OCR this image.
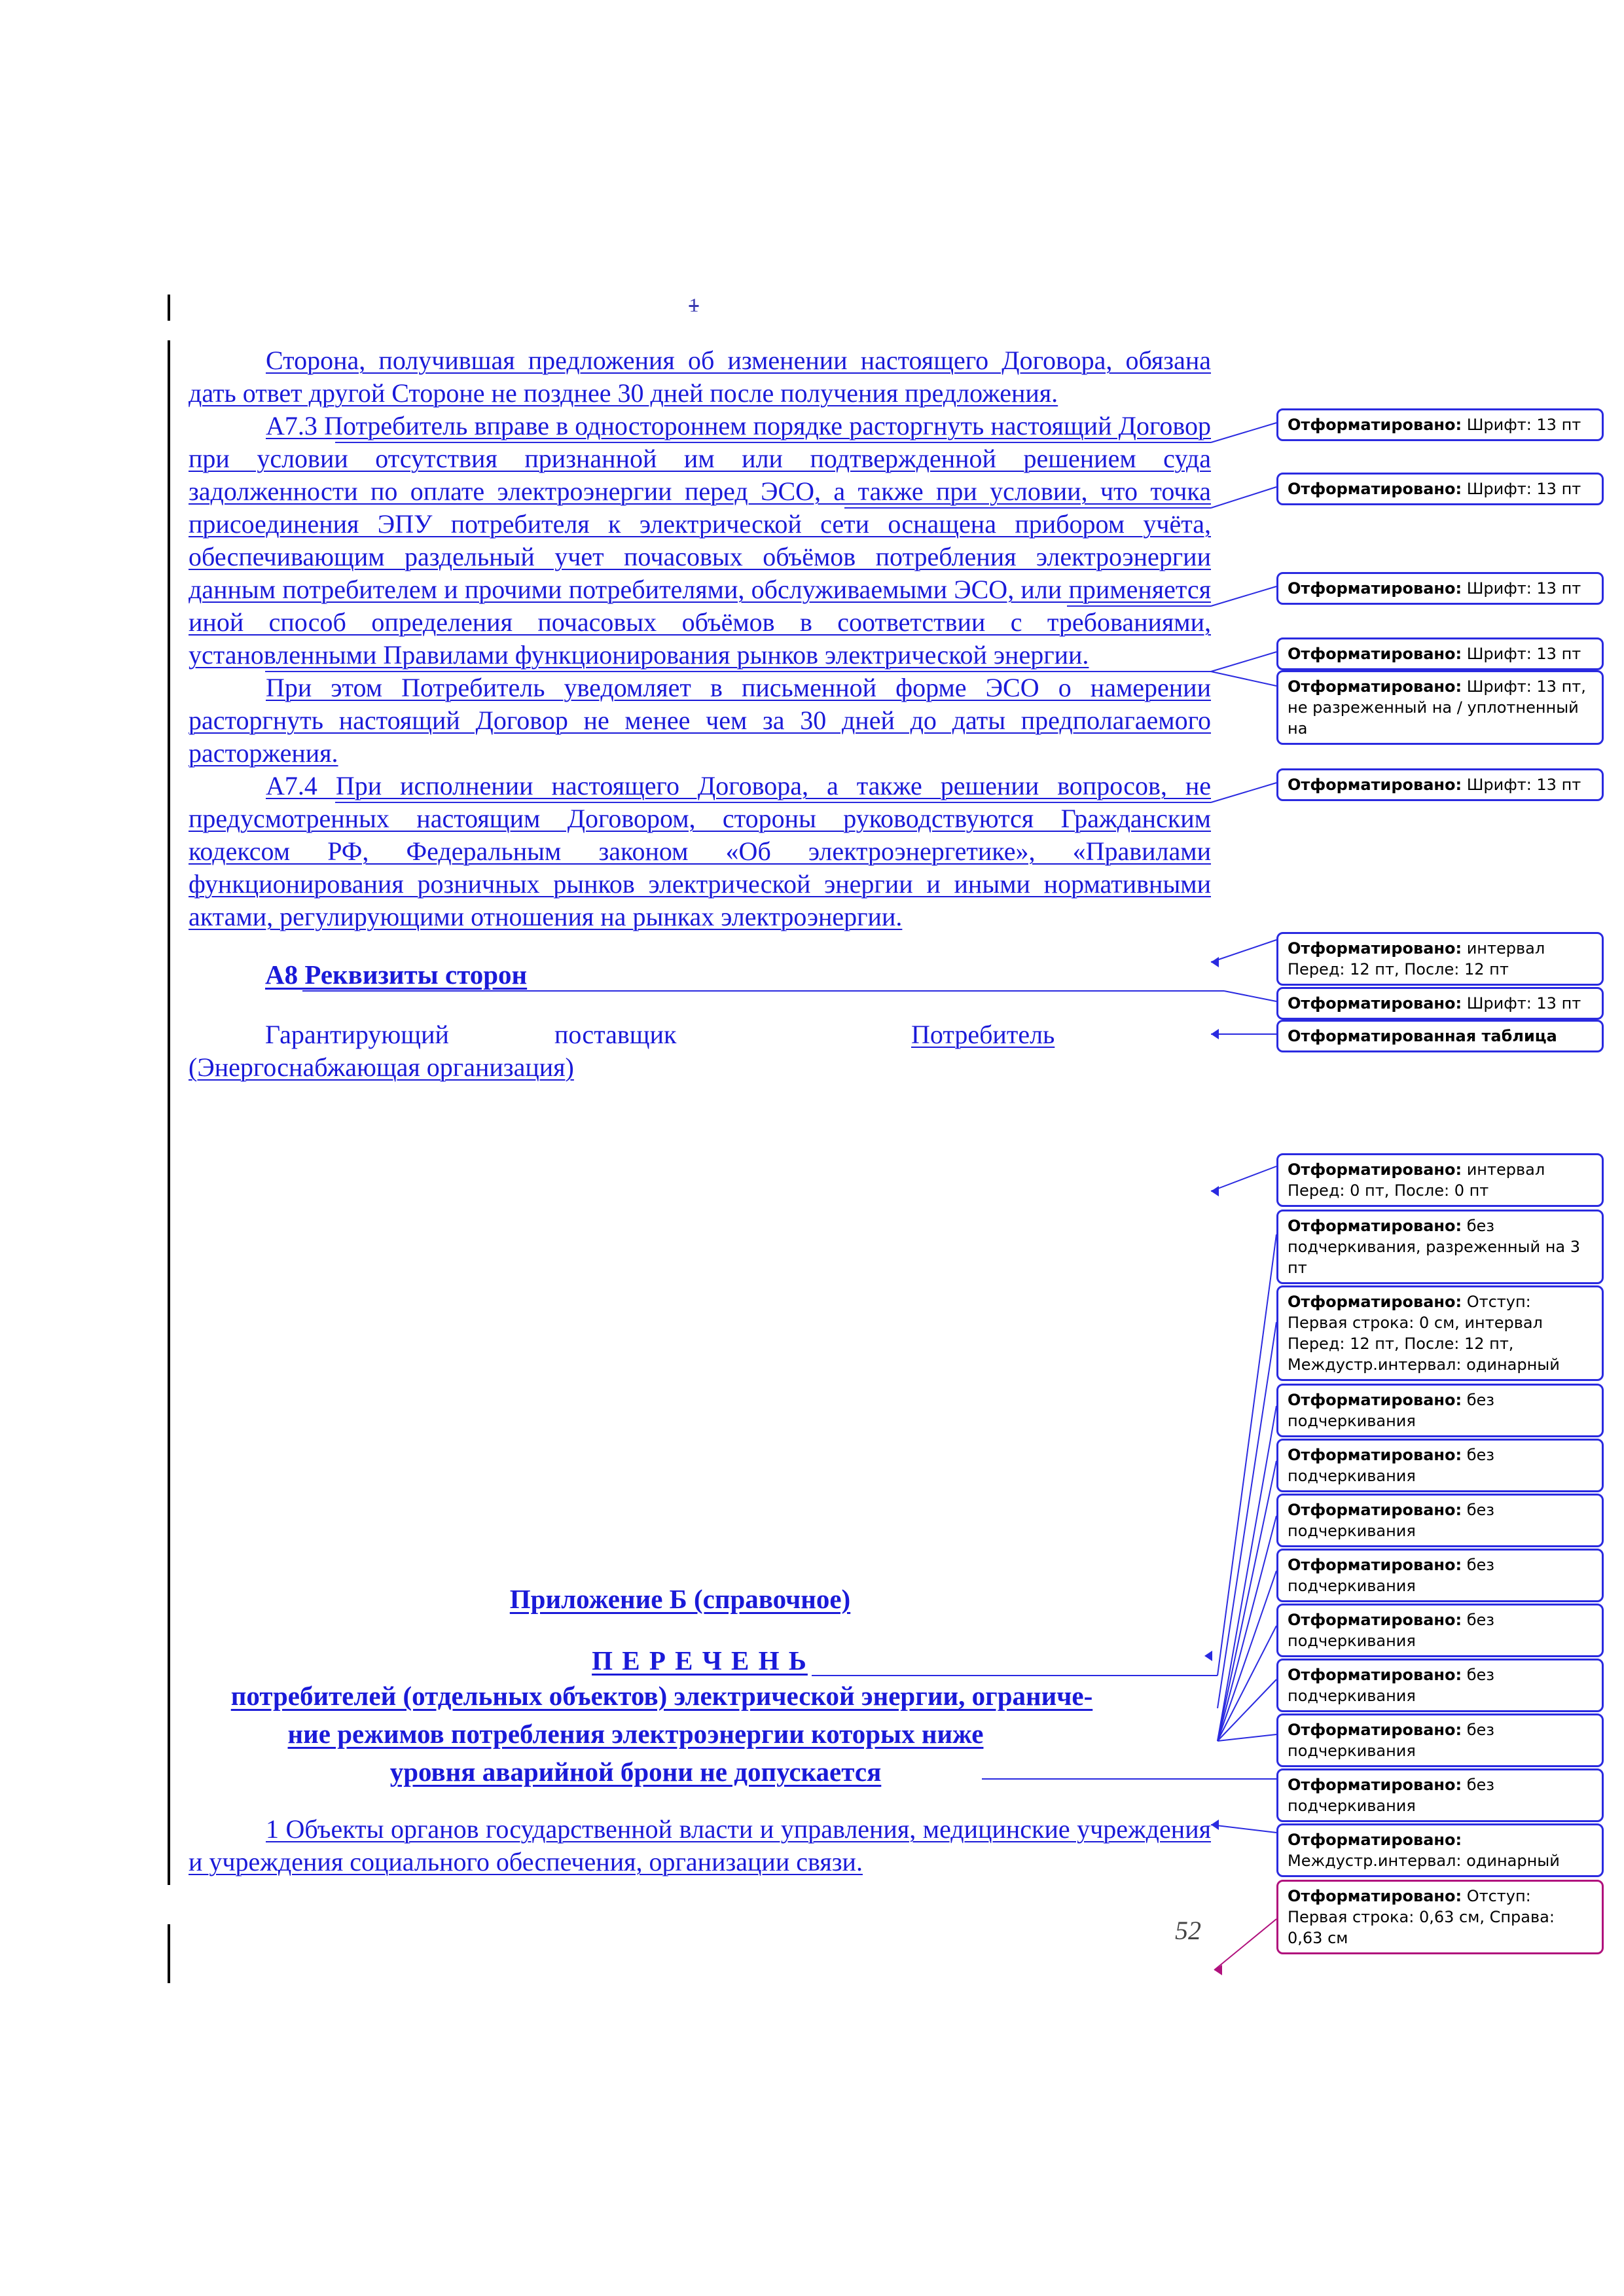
1
Сторона, получившая предложения об изменении настоящего Договора, обязана дать ответ другой Стороне не позднее 30 дней после получения предложения.
А7.3 Потребитель вправе в одностороннем порядке расторгнуть настоящий Договор при условии отсутствия признанной им или подтвержденной решением суда задолженности по оплате электроэнергии перед ЭСО, а также при условии, что точка присоединения ЭПУ потребителя к электрической сети оснащена прибором учёта, обеспечивающим раздельный учет почасовых объёмов потребления электроэнергии данным потребителем и прочими потребителями, обслуживаемыми ЭСО, или применяется иной способ определения почасовых объёмов в соответствии с требованиями, установленными Правилами функционирования рынков электрической энергии.
При этом Потребитель уведомляет в письменной форме ЭСО о намерении расторгнуть настоящий Договор не менее чем за 30 дней до даты предполагаемого расторжения.
А7.4 При исполнении настоящего Договора, а также решении вопросов, не предусмотренных настоящим Договором, стороны руководствуются Гражданским кодексом РФ, Федеральным законом «Об электроэнергетике», «Правилами функционирования розничных рынков электрической энергии и иными нормативными актами, регулирующими отношения на рынках электроэнергии.
А8 Реквизиты сторон
Гарантирующий	поставщик	Потребитель
(Энергоснабжающая организация)
Приложение Б (справочное)
П Е Р Е Ч Е Н Ь
потребителей (отдельных объектов) электрической энергии, ограниче-
ние режимов потребления электроэнергии которых ниже
уровня аварийной брони не допускается
1 Объекты органов государственной власти и управления, медицинские учреждения и учреждения социального обеспечения, организации связи.
52
Отформатировано: Шрифт: 13 пт
Отформатировано: Шрифт: 13 пт
Отформатировано: Шрифт: 13 пт
Отформатировано: Шрифт: 13 пт
Отформатировано: Шрифт: 13 пт, не разреженный на / уплотненный на
Отформатировано: Шрифт: 13 пт
Отформатировано: интервал Перед: 12 пт, После: 12 пт
Отформатировано: Шрифт: 13 пт
Отформатированная таблица
Отформатировано: интервал Перед: 0 пт, После: 0 пт
Отформатировано: без подчеркивания, разреженный на 3 пт
Отформатировано: Отступ: Первая строка: 0 см, интервал Перед: 12 пт, После: 12 пт, Междустр.интервал: одинарный
Отформатировано: без подчеркивания
Отформатировано: без подчеркивания
Отформатировано: без подчеркивания
Отформатировано: без подчеркивания
Отформатировано: без подчеркивания
Отформатировано: без подчеркивания
Отформатировано: без подчеркивания
Отформатировано: без подчеркивания
Отформатировано: Междустр.интервал: одинарный
Отформатировано: Отступ: Первая строка: 0,63 см, Справа: 0,63 см
